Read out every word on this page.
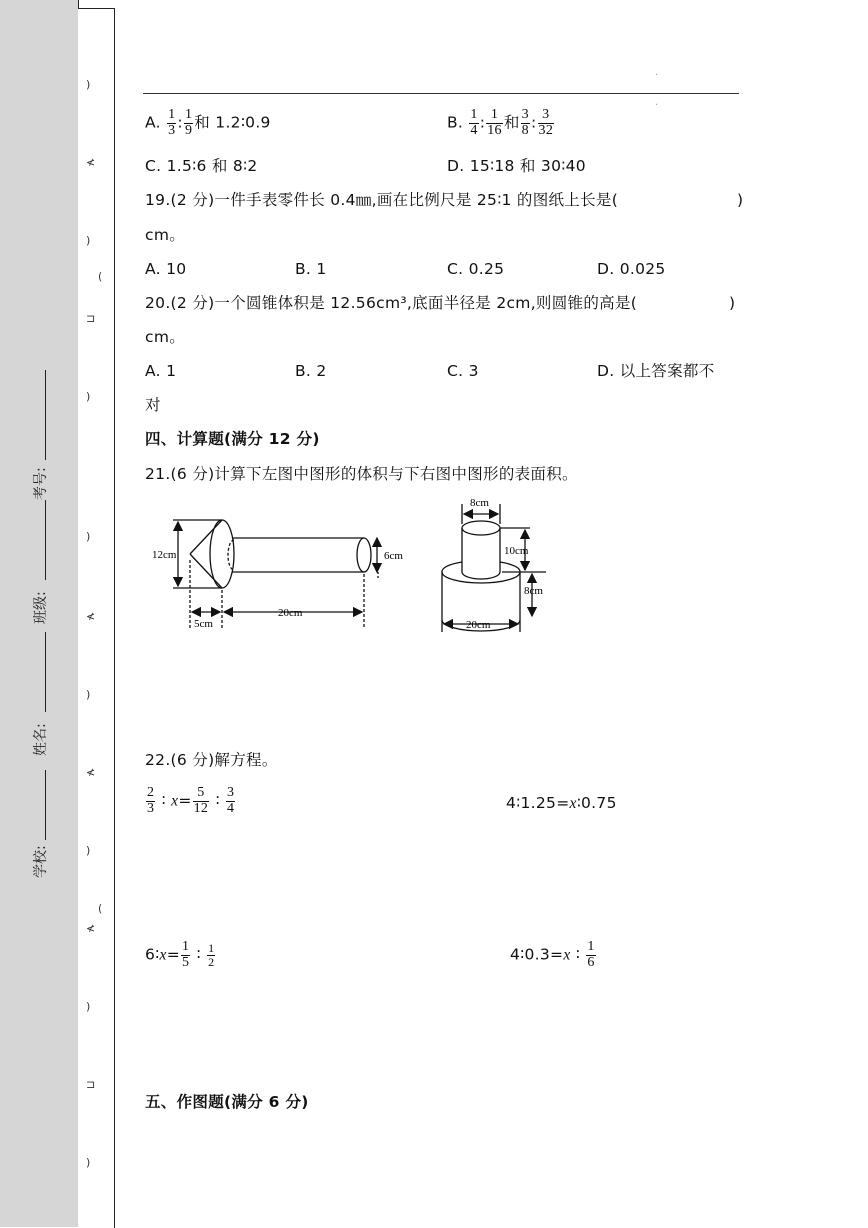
学校:
姓名:
班级:
考号:
)
≮
)
(
⊐
)
)
≮
)
≮
)
(
≮
)
⊐
)
·
·
A. $\frac{1}{3}$ : $\frac{1}{9}$ 和 1.2∶0.9	B. $\frac{1}{4}$ : $\frac{1}{16}$ 和 $\frac{3}{8}$ : $\frac{3}{32}$
C. 1.5∶6 和 8∶2	D. 15∶18 和 30∶40
19.(2 分)一件手表零件长 0.4㎜,画在比例尺是 25∶1 的图纸上长是(	)
cm。
A. 10	B. 1	C. 0.25	D. 0.025
20.(2 分)一个圆锥体积是 12.56cm³,底面半径是 2cm,则圆锥的高是(	)
cm。
A. 1	B. 2	C. 3	D. 以上答案都不
对
四、计算题(满分 12 分)
21.(6 分)计算下左图中图形的体积与下右图中图形的表面积。
12cm	6cm
5cm
20cm
8cm
10cm
8cm
20cm
22.(6 分)解方程。
$\frac{2}{3}$ ∶ $x= \frac{5}{12}$ ∶ $\frac{3}{4}$	4∶1.25=x∶0.75
6∶x= $\frac{1}{5}$ ∶ $\frac{1}{2}$	4∶0.3=x ∶ $\frac{1}{6}$
五、作图题(满分 6 分)
